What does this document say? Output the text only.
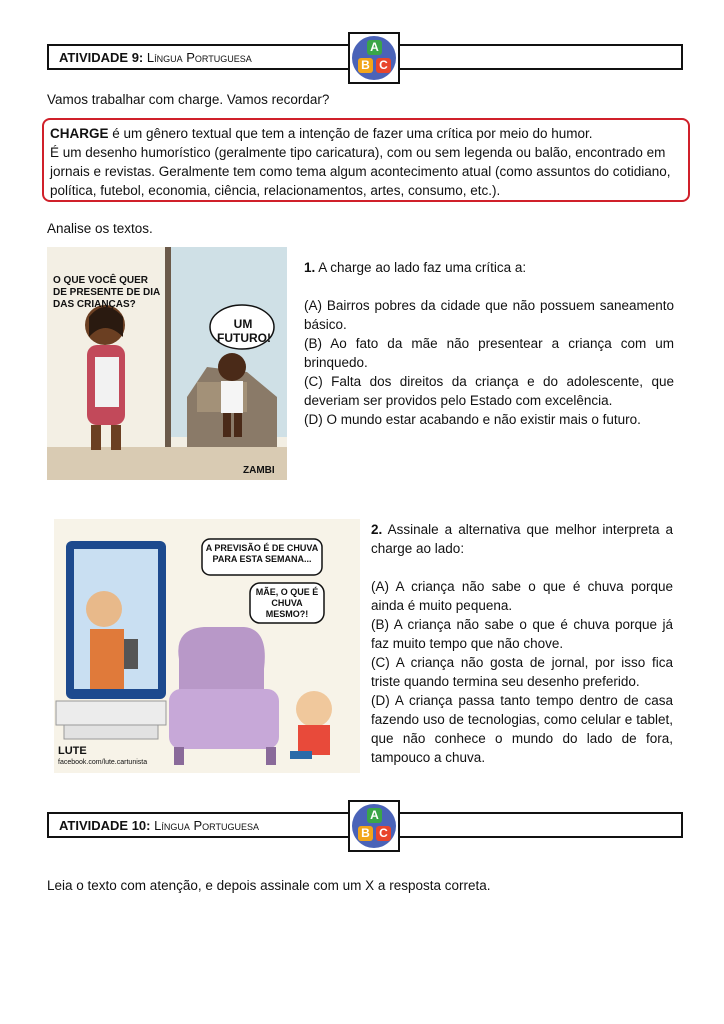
ATIVIDADE 9: Língua Portuguesa
A
B C

Vamos trabalhar com charge. Vamos recordar?

CHARGE é um gênero textual que tem a intenção de fazer uma crítica por meio do humor.
É um desenho humorístico (geralmente tipo caricatura), com ou sem legenda ou balão, encontrado em jornais e revistas. Geralmente tem como tema algum acontecimento atual (como assuntos do cotidiano, política, futebol, economia, ciência, relacionamentos, artes, consumo, etc.).

Analise os textos.

O QUE VOCÊ QUER DE PRESENTE DE DIA DAS CRIANÇAS?
UM FUTURO!
ZAMBI
1. A charge ao lado faz uma crítica a:
(A) Bairros pobres da cidade que não possuem saneamento básico.
(B) Ao fato da mãe não presentear a criança com um brinquedo.
(C) Falta dos direitos da criança e do adolescente, que deveriam ser providos pelo Estado com excelência.
(D) O mundo estar acabando e não existir mais o futuro.
A PREVISÃO É DE CHUVA PARA ESTA SEMANA...
MÃE, O QUE É CHUVA MESMO?!
LUTE
facebook.com/lute.cartunista
2. Assinale a alternativa que melhor interpreta a charge ao lado:
(A) A criança não sabe o que é chuva porque ainda é muito pequena.
(B) A criança não sabe o que é chuva porque já faz muito tempo que não chove.
(C) A criança não gosta de jornal, por isso fica triste quando termina seu desenho preferido.
(D) A criança passa tanto tempo dentro de casa fazendo uso de tecnologias, como celular e tablet, que não conhece o mundo do lado de fora, tampouco a chuva.
ATIVIDADE 10: Língua Portuguesa
A
B C

Leia o texto com atenção, e depois assinale com um X a resposta correta.
